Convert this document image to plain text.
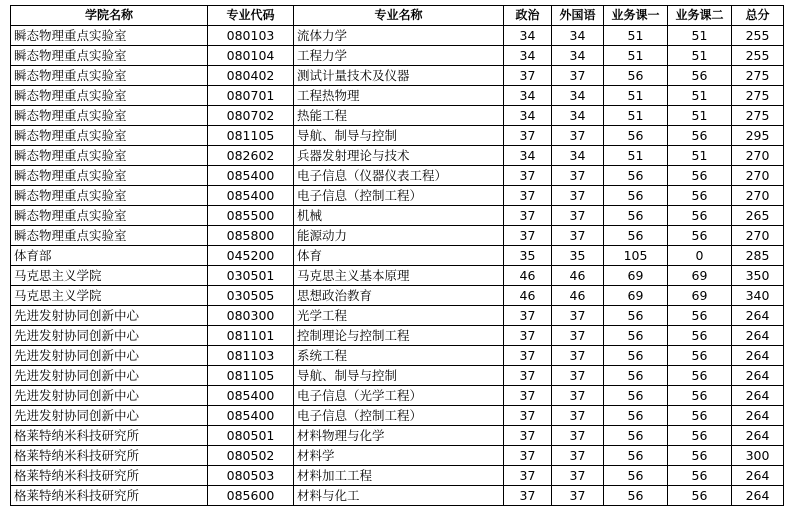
学院名称	专业代码	专业名称	政治	外国语	业务课一	业务课二	总分
瞬态物理重点实验室	080103	流体力学	34	34	51	51	255
瞬态物理重点实验室	080104	工程力学	34	34	51	51	255
瞬态物理重点实验室	080402	测试计量技术及仪器	37	37	56	56	275
瞬态物理重点实验室	080701	工程热物理	34	34	51	51	275
瞬态物理重点实验室	080702	热能工程	34	34	51	51	275
瞬态物理重点实验室	081105	导航、制导与控制	37	37	56	56	295
瞬态物理重点实验室	082602	兵器发射理论与技术	34	34	51	51	270
瞬态物理重点实验室	085400	电子信息（仪器仪表工程）	37	37	56	56	270
瞬态物理重点实验室	085400	电子信息（控制工程）	37	37	56	56	270
瞬态物理重点实验室	085500	机械	37	37	56	56	265
瞬态物理重点实验室	085800	能源动力	37	37	56	56	270
体育部	045200	体育	35	35	105	0	285
马克思主义学院	030501	马克思主义基本原理	46	46	69	69	350
马克思主义学院	030505	思想政治教育	46	46	69	69	340
先进发射协同创新中心	080300	光学工程	37	37	56	56	264
先进发射协同创新中心	081101	控制理论与控制工程	37	37	56	56	264
先进发射协同创新中心	081103	系统工程	37	37	56	56	264
先进发射协同创新中心	081105	导航、制导与控制	37	37	56	56	264
先进发射协同创新中心	085400	电子信息（光学工程）	37	37	56	56	264
先进发射协同创新中心	085400	电子信息（控制工程）	37	37	56	56	264
格莱特纳米科技研究所	080501	材料物理与化学	37	37	56	56	264
格莱特纳米科技研究所	080502	材料学	37	37	56	56	300
格莱特纳米科技研究所	080503	材料加工工程	37	37	56	56	264
格莱特纳米科技研究所	085600	材料与化工	37	37	56	56	264
